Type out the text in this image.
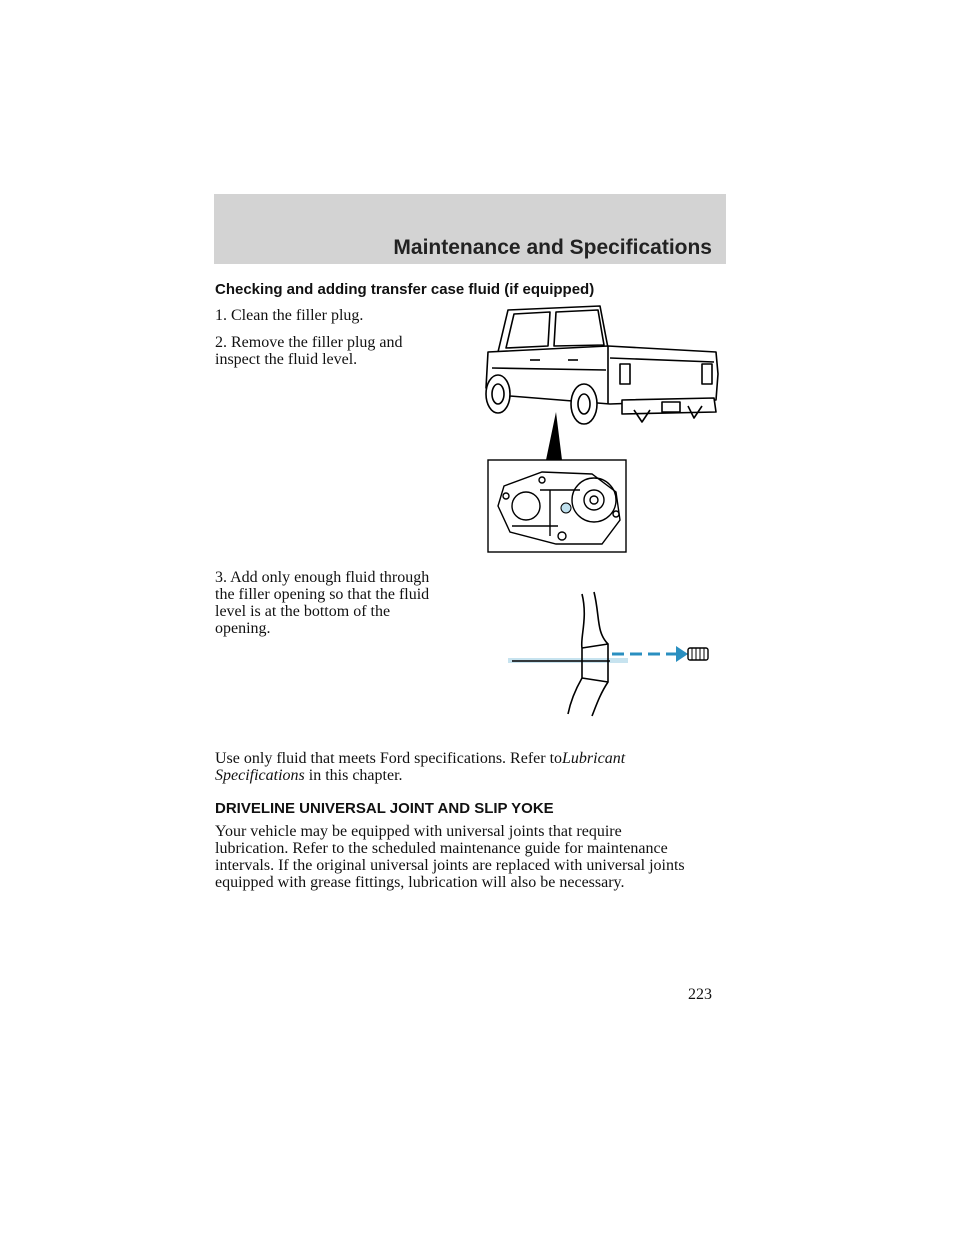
Maintenance and Specifications
Checking and adding transfer case fluid (if equipped)
1. Clean the filler plug.
2. Remove the filler plug and
inspect the fluid level.
3. Add only enough fluid through
the filler opening so that the fluid
level is at the bottom of the
opening.
Use only fluid that meets Ford specifications. Refer toLubricant
Specifications in this chapter.
DRIVELINE UNIVERSAL JOINT AND SLIP YOKE
Your vehicle may be equipped with universal joints that require
lubrication. Refer to the scheduled maintenance guide for maintenance
intervals. If the original universal joints are replaced with universal joints
equipped with grease fittings, lubrication will also be necessary.
223
